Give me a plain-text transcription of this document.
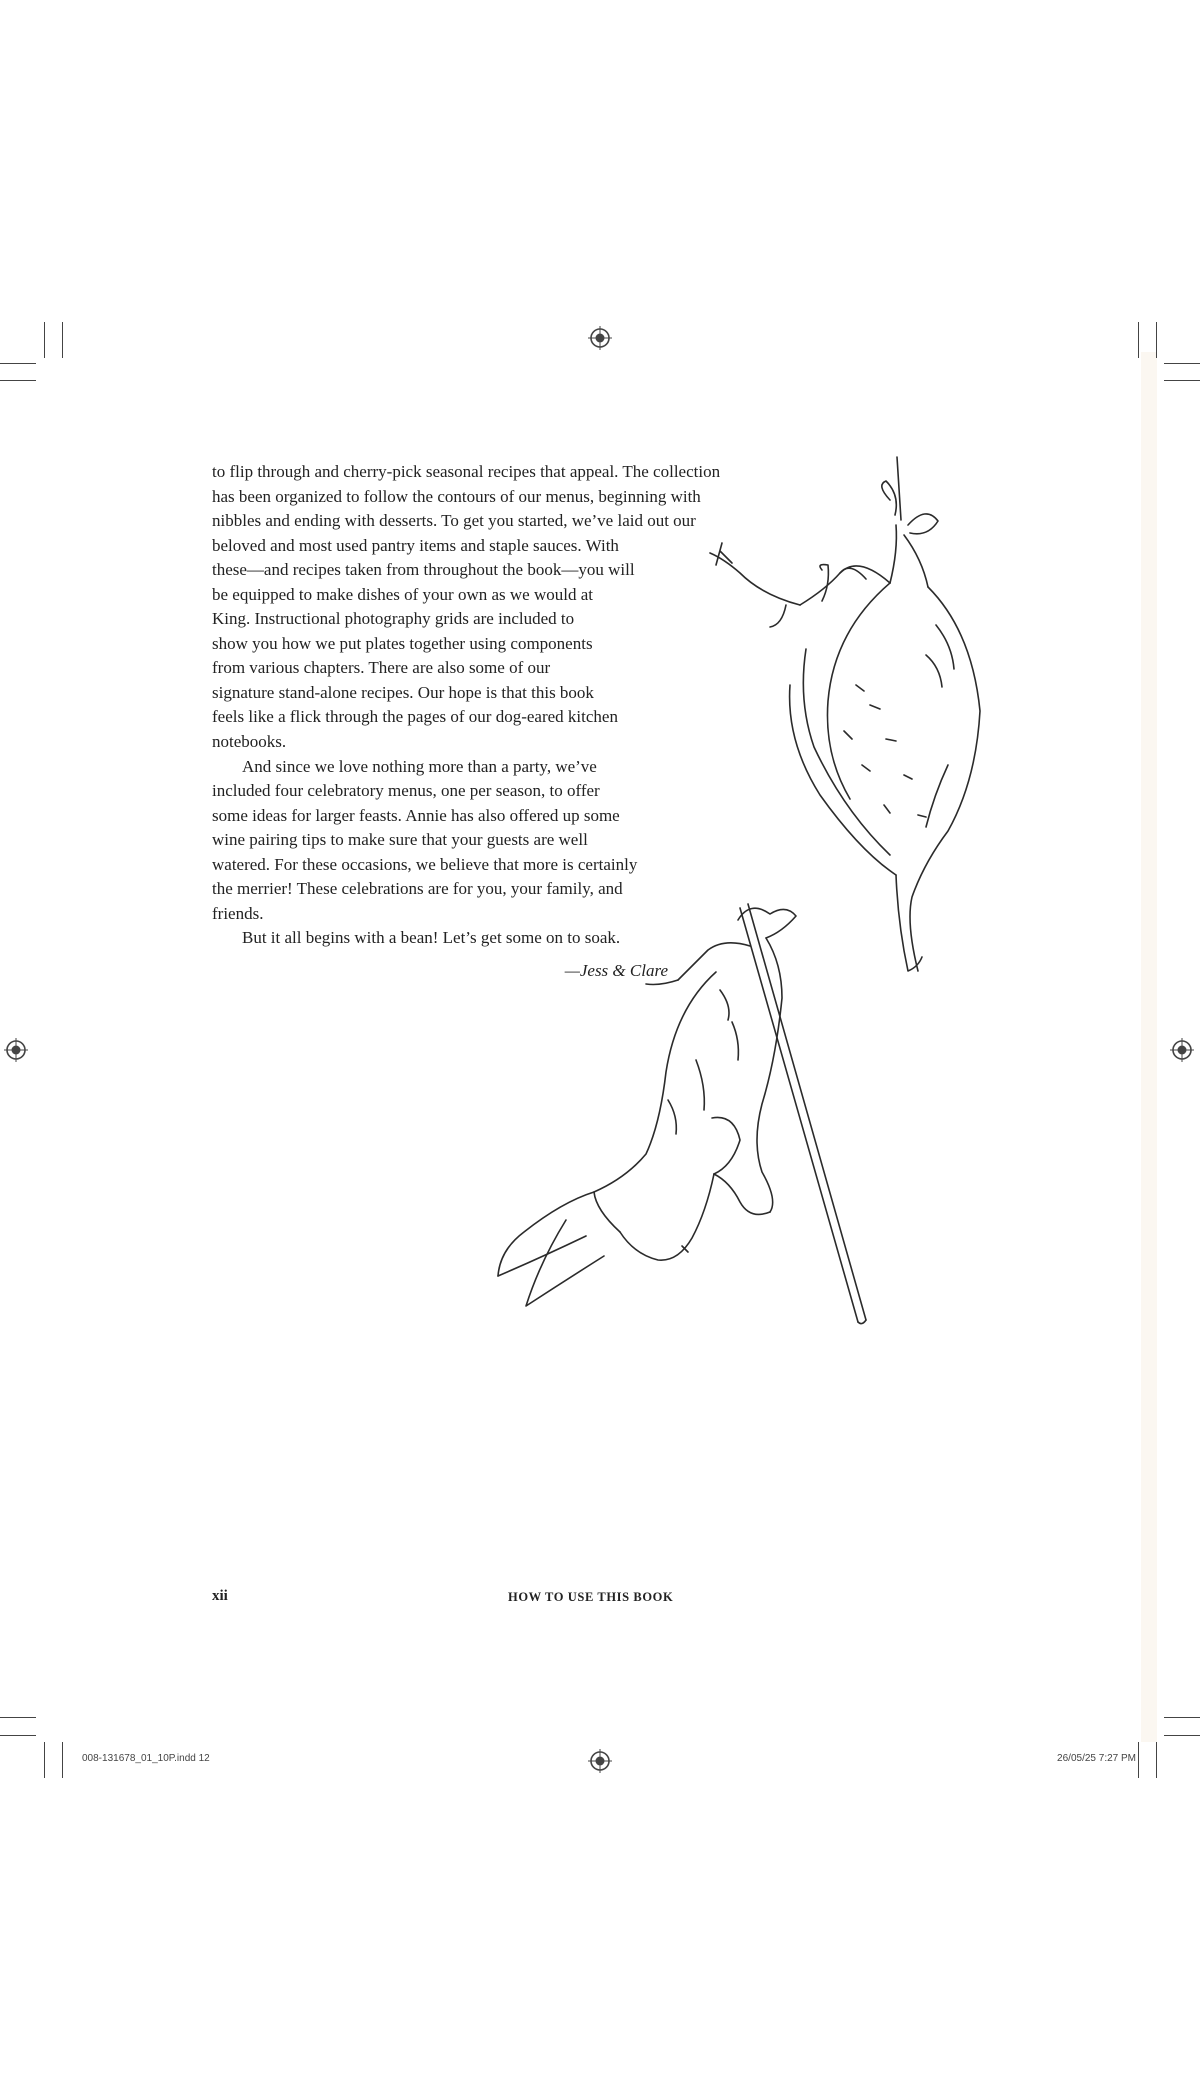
to flip through and cherry-pick seasonal recipes that appeal. The collection
has been organized to follow the contours of our menus, beginning with
nibbles and ending with desserts. To get you started, we’ve laid out our
beloved and most used pantry items and staple sauces. With
these—and recipes taken from throughout the book—you will
be equipped to make dishes of your own as we would at
King. Instructional photography grids are included to
show you how we put plates together using components
from various chapters. There are also some of our
signature stand-alone recipes. Our hope is that this book
feels like a flick through the pages of our dog-eared kitchen
notebooks.
And since we love nothing more than a party, we’ve
included four celebratory menus, one per season, to offer
some ideas for larger feasts. Annie has also offered up some
wine pairing tips to make sure that your guests are well
watered. For these occasions, we believe that more is certainly
the merrier! These celebrations are for you, your family, and
friends.
But it all begins with a bean! Let’s get some on to soak.
—Jess & Clare
xii	HOW TO USE THIS BOOK
008-131678_01_10P.indd 12	26/05/25 7:27 PM
